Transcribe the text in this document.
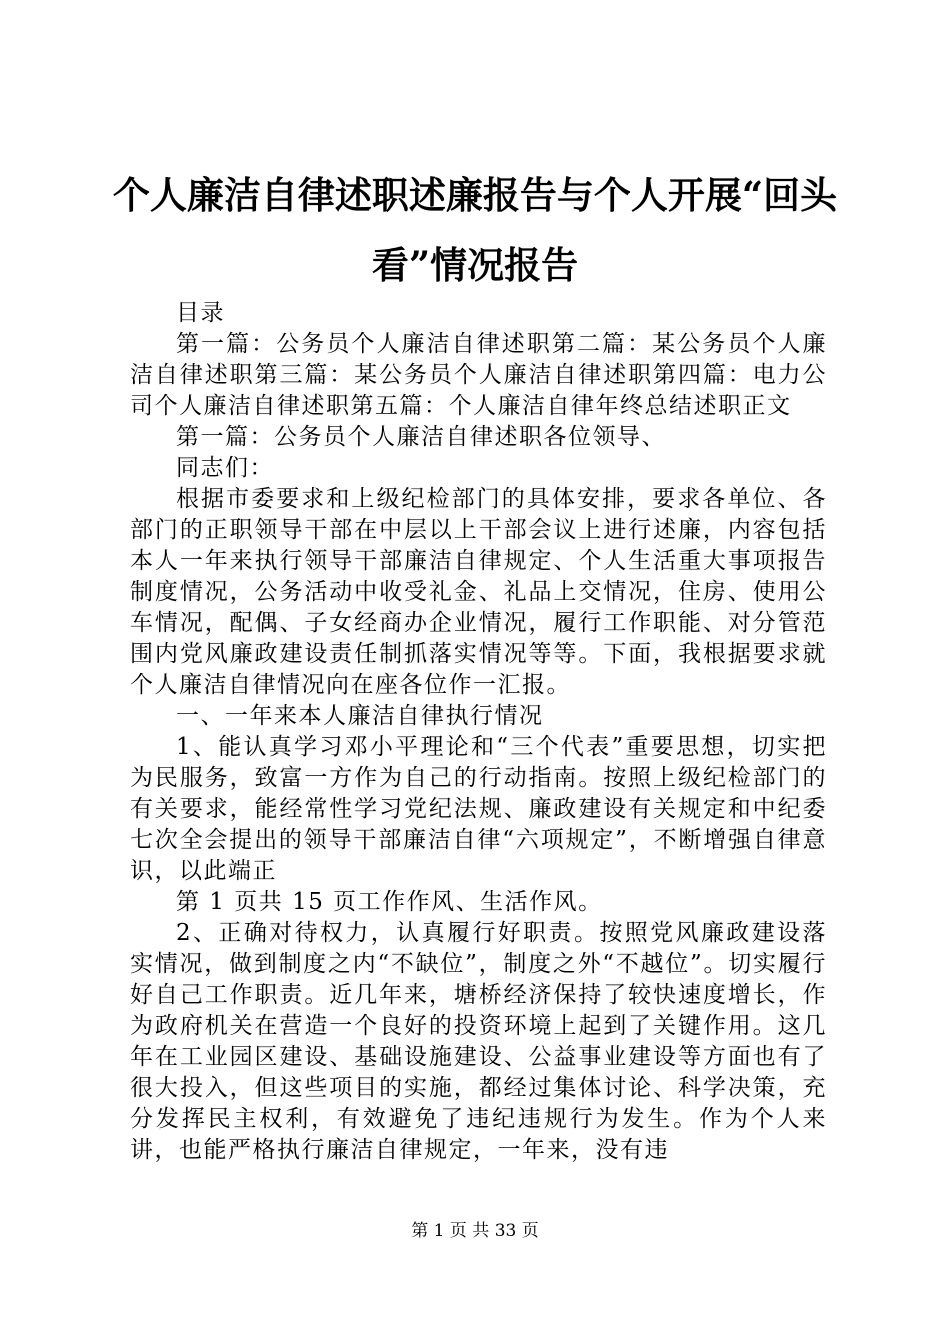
个人廉洁自律述职述廉报告与个人开展“回头看”情况报告

目录

第一篇：公务员个人廉洁自律述职第二篇：某公务员个人廉洁自律述职第三篇：某公务员个人廉洁自律述职第四篇：电力公司个人廉洁自律述职第五篇：个人廉洁自律年终总结述职正文

第一篇：公务员个人廉洁自律述职各位领导、

同志们：

根据市委要求和上级纪检部门的具体安排，要求各单位、各部门的正职领导干部在中层以上干部会议上进行述廉，内容包括本人一年来执行领导干部廉洁自律规定、个人生活重大事项报告制度情况，公务活动中收受礼金、礼品上交情况，住房、使用公车情况，配偶、子女经商办企业情况，履行工作职能、对分管范围内党风廉政建设责任制抓落实情况等等。下面，我根据要求就个人廉洁自律情况向在座各位作一汇报。

一、一年来本人廉洁自律执行情况

1、能认真学习邓小平理论和“三个代表”重要思想，切实把为民服务，致富一方作为自己的行动指南。按照上级纪检部门的有关要求，能经常性学习党纪法规、廉政建设有关规定和中纪委七次全会提出的领导干部廉洁自律“六项规定”，不断增强自律意识，以此端正

第 1 页共 15 页工作作风、生活作风。

2、正确对待权力，认真履行好职责。按照党风廉政建设落实情况，做到制度之内“不缺位”，制度之外“不越位”。切实履行好自己工作职责。近几年来，塘桥经济保持了较快速度增长，作为政府机关在营造一个良好的投资环境上起到了关键作用。这几年在工业园区建设、基础设施建设、公益事业建设等方面也有了很大投入，但这些项目的实施，都经过集体讨论、科学决策，充分发挥民主权利，有效避免了违纪违规行为发生。作为个人来讲，也能严格执行廉洁自律规定，一年来，没有违

第 1 页 共 33 页
